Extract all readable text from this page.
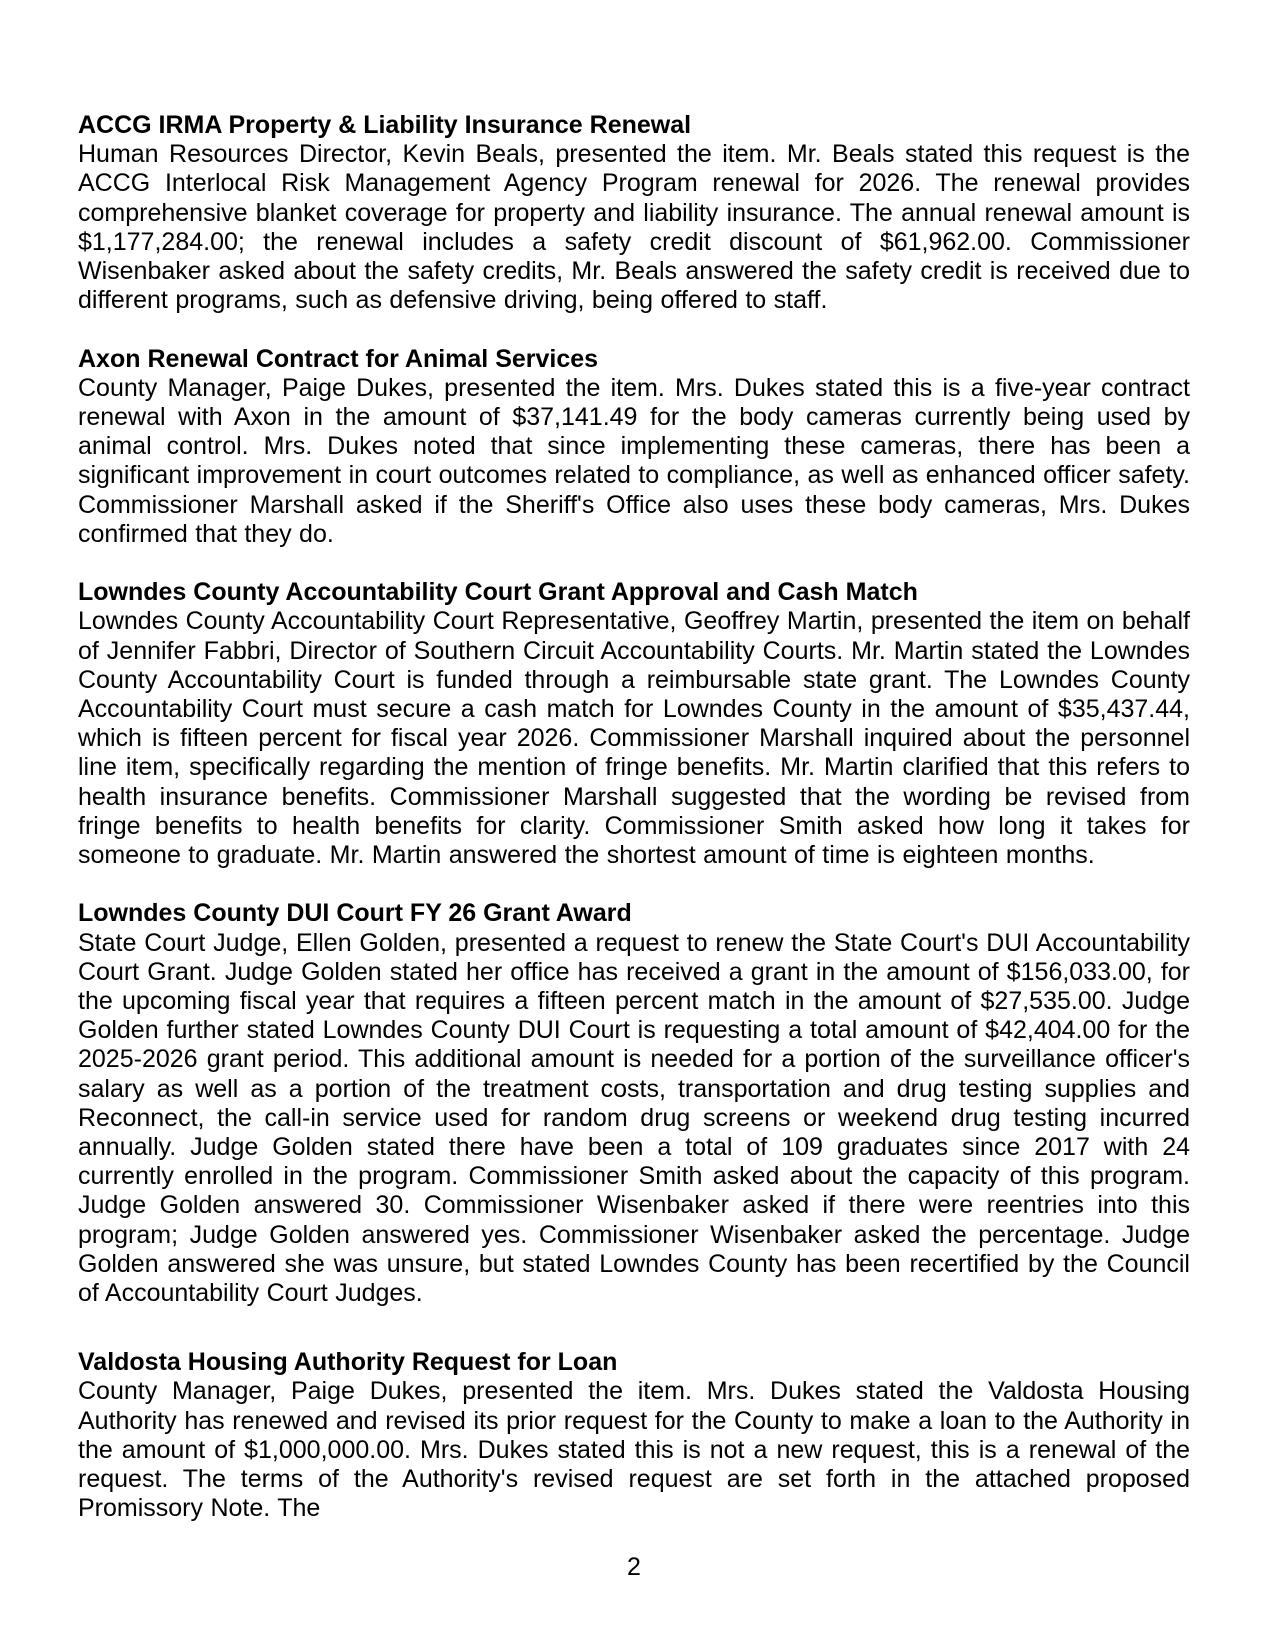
ACCG IRMA Property & Liability Insurance Renewal

Human Resources Director, Kevin Beals, presented the item. Mr. Beals stated this request is the ACCG Interlocal Risk Management Agency Program renewal for 2026. The renewal provides comprehensive blanket coverage for property and liability insurance. The annual renewal amount is $1,177,284.00; the renewal includes a safety credit discount of $61,962.00. Commissioner Wisenbaker asked about the safety credits, Mr. Beals answered the safety credit is received due to different programs, such as defensive driving, being offered to staff.

Axon Renewal Contract for Animal Services

County Manager, Paige Dukes, presented the item. Mrs. Dukes stated this is a five-year contract renewal with Axon in the amount of $37,141.49 for the body cameras currently being used by animal control. Mrs. Dukes noted that since implementing these cameras, there has been a significant improvement in court outcomes related to compliance, as well as enhanced officer safety. Commissioner Marshall asked if the Sheriff's Office also uses these body cameras, Mrs. Dukes confirmed that they do.

Lowndes County Accountability Court Grant Approval and Cash Match

Lowndes County Accountability Court Representative, Geoffrey Martin, presented the item on behalf of Jennifer Fabbri, Director of Southern Circuit Accountability Courts. Mr. Martin stated the Lowndes County Accountability Court is funded through a reimbursable state grant. The Lowndes County Accountability Court must secure a cash match for Lowndes County in the amount of $35,437.44, which is fifteen percent for fiscal year 2026. Commissioner Marshall inquired about the personnel line item, specifically regarding the mention of fringe benefits. Mr. Martin clarified that this refers to health insurance benefits. Commissioner Marshall suggested that the wording be revised from fringe benefits to health benefits for clarity. Commissioner Smith asked how long it takes for someone to graduate. Mr. Martin answered the shortest amount of time is eighteen months.

Lowndes County DUI Court FY 26 Grant Award

State Court Judge, Ellen Golden, presented a request to renew the State Court's DUI Accountability Court Grant. Judge Golden stated her office has received a grant in the amount of $156,033.00, for the upcoming fiscal year that requires a fifteen percent match in the amount of $27,535.00. Judge Golden further stated Lowndes County DUI Court is requesting a total amount of $42,404.00 for the 2025-2026 grant period. This additional amount is needed for a portion of the surveillance officer's salary as well as a portion of the treatment costs, transportation and drug testing supplies and Reconnect, the call-in service used for random drug screens or weekend drug testing incurred annually. Judge Golden stated there have been a total of 109 graduates since 2017 with 24 currently enrolled in the program. Commissioner Smith asked about the capacity of this program. Judge Golden answered 30. Commissioner Wisenbaker asked if there were reentries into this program; Judge Golden answered yes. Commissioner Wisenbaker asked the percentage. Judge Golden answered she was unsure, but stated Lowndes County has been recertified by the Council of Accountability Court Judges.

Valdosta Housing Authority Request for Loan

County Manager, Paige Dukes, presented the item. Mrs. Dukes stated the Valdosta Housing Authority has renewed and revised its prior request for the County to make a loan to the Authority in the amount of $1,000,000.00. Mrs. Dukes stated this is not a new request, this is a renewal of the request. The terms of the Authority's revised request are set forth in the attached proposed Promissory Note. The

2
